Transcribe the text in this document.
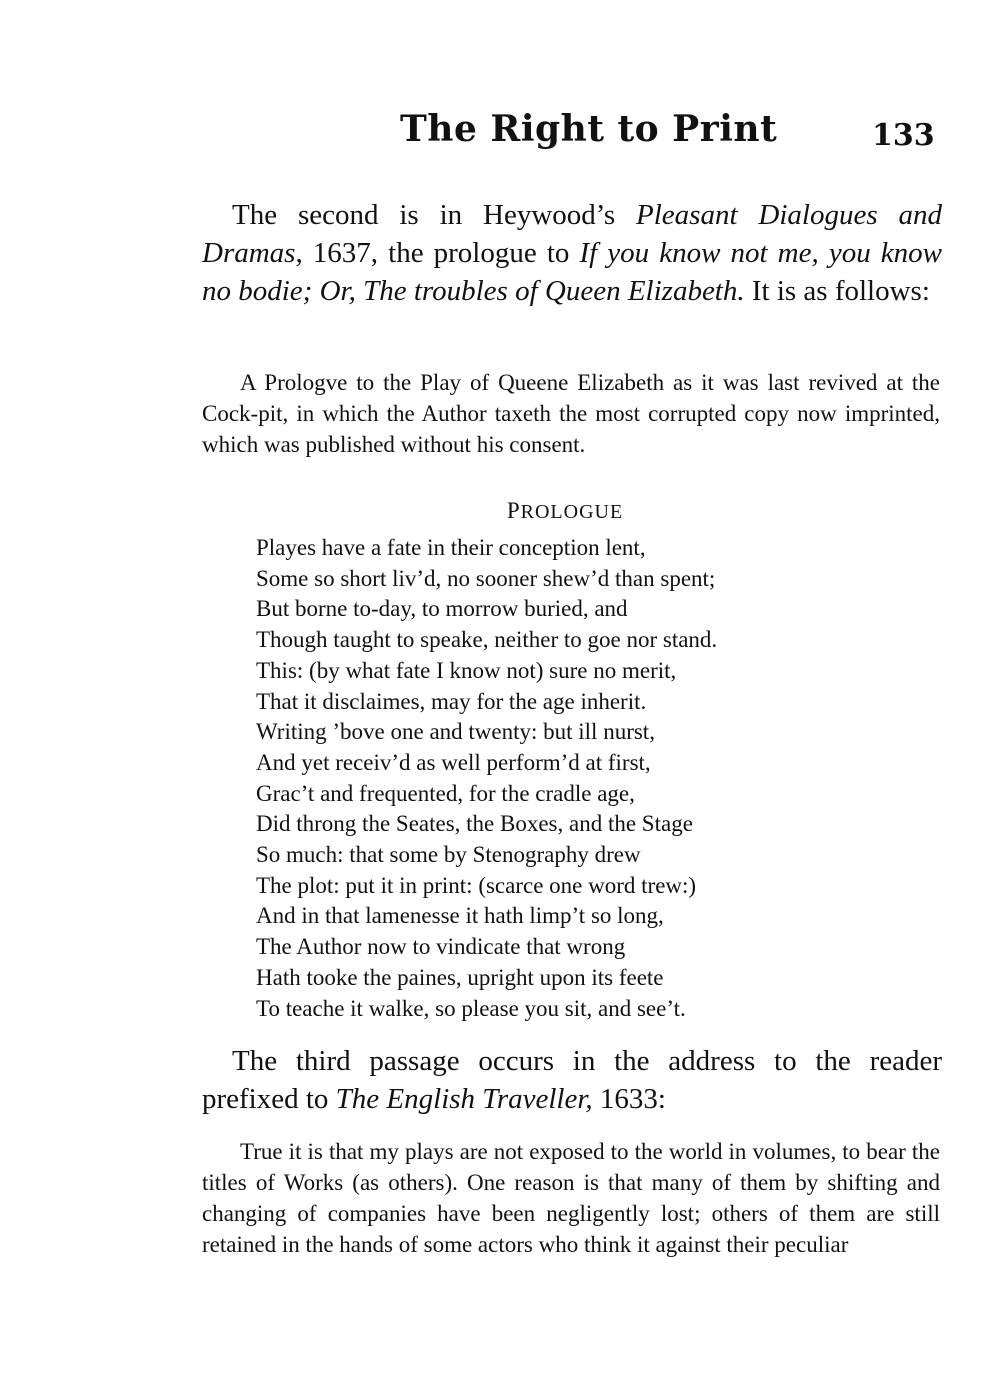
The Right to Print	133

The second is in Heywood’s Pleasant Dialogues and Dramas, 1637, the prologue to If you know not me, you know no bodie; Or, The troubles of Queen Elizabeth. It is as follows:

A Prologve to the Play of Queene Elizabeth as it was last revived at the Cock-pit, in which the Author taxeth the most corrupted copy now imprinted, which was published without his consent.

PROLOGUE
Playes have a fate in their conception lent,
Some so short liv’d, no sooner shew’d than spent;
But borne to-day, to morrow buried, and
Though taught to speake, neither to goe nor stand.
This: (by what fate I know not) sure no merit,
That it disclaimes, may for the age inherit.
Writing ’bove one and twenty: but ill nurst,
And yet receiv’d as well perform’d at first,
Grac’t and frequented, for the cradle age,
Did throng the Seates, the Boxes, and the Stage
So much: that some by Stenography drew
The plot: put it in print: (scarce one word trew:)
And in that lamenesse it hath limp’t so long,
The Author now to vindicate that wrong
Hath tooke the paines, upright upon its feete
To teache it walke, so please you sit, and see’t.

The third passage occurs in the address to the reader prefixed to The English Traveller, 1633:

True it is that my plays are not exposed to the world in volumes, to bear the titles of Works (as others). One reason is that many of them by shifting and changing of companies have been negligently lost; others of them are still retained in the hands of some actors who think it against their peculiar
